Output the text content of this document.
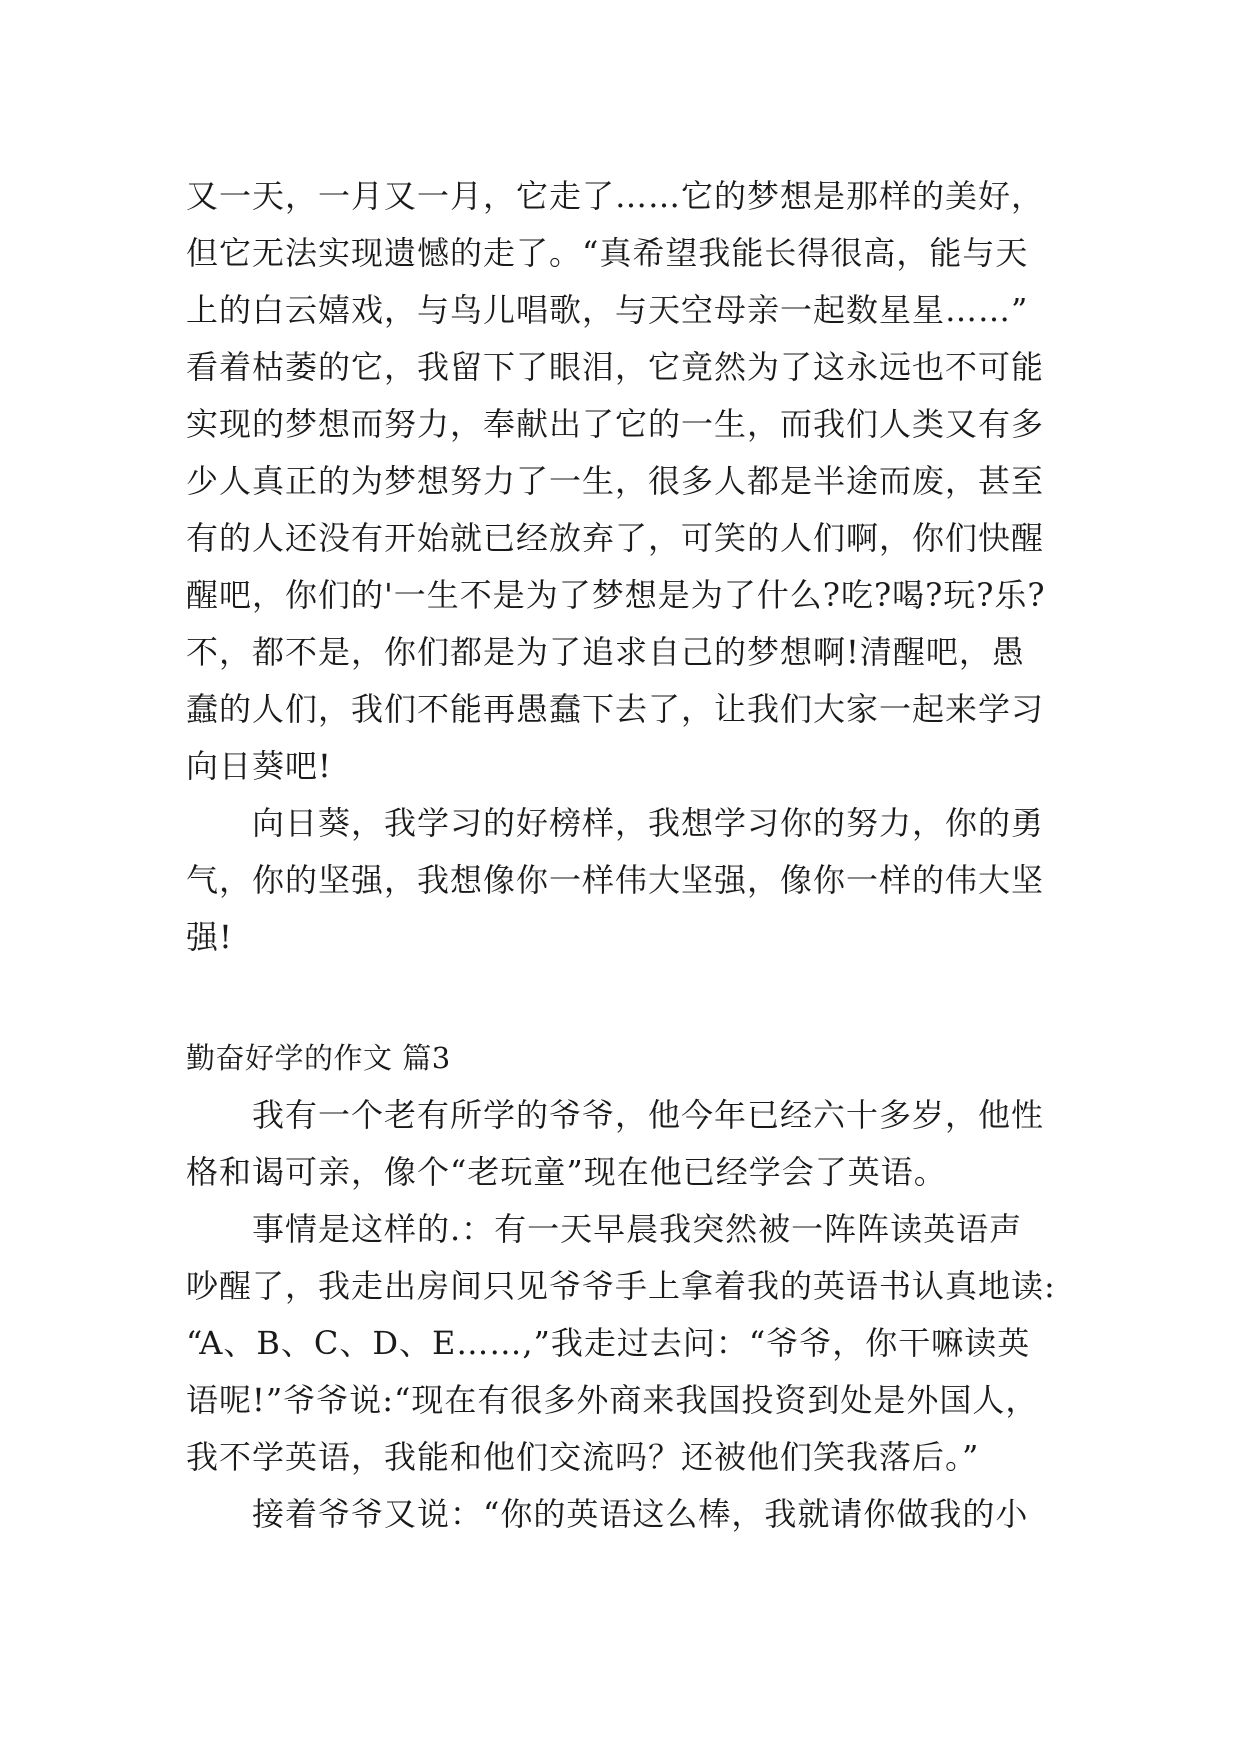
又一天，一月又一月，它走了……它的梦想是那样的美好，
但它无法实现遗憾的走了。“真希望我能长得很高，能与天
上的白云嬉戏，与鸟儿唱歌，与天空母亲一起数星星……”
看着枯萎的它，我留下了眼泪，它竟然为了这永远也不可能
实现的梦想而努力，奉献出了它的一生，而我们人类又有多
少人真正的为梦想努力了一生，很多人都是半途而废，甚至
有的人还没有开始就已经放弃了，可笑的人们啊，你们快醒
醒吧，你们的'一生不是为了梦想是为了什么?吃?喝?玩?乐?
不，都不是，你们都是为了追求自己的梦想啊!清醒吧，愚
蠢的人们，我们不能再愚蠢下去了，让我们大家一起来学习
向日葵吧!
向日葵，我学习的好榜样，我想学习你的努力，你的勇
气，你的坚强，我想像你一样伟大坚强，像你一样的伟大坚
强!
勤奋好学的作文 篇3
我有一个老有所学的爷爷，他今年已经六十多岁，他性
格和谒可亲，像个“老玩童”现在他已经学会了英语。
事情是这样的.：有一天早晨我突然被一阵阵读英语声
吵醒了，我走出房间只见爷爷手上拿着我的英语书认真地读:
“A、B、C、D、E……,”我走过去问：“爷爷，你干嘛读英
语呢!”爷爷说:“现在有很多外商来我国投资到处是外国人，
我不学英语，我能和他们交流吗？还被他们笑我落后。”
接着爷爷又说：“你的英语这么棒，我就请你做我的小
